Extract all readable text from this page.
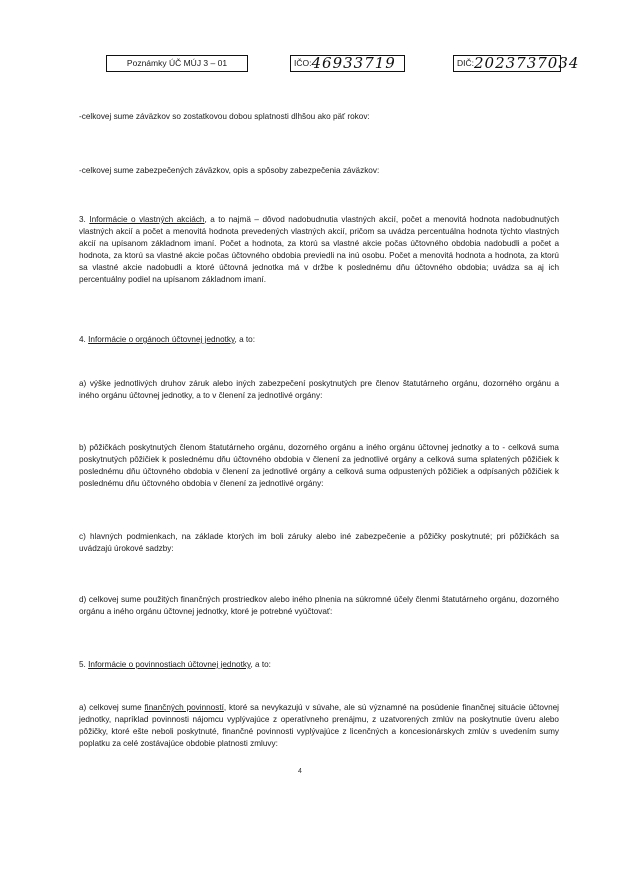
Poznámky ÚČ MÚJ 3 – 01	IČO:46933719	DIČ:2023737034

-celkovej sume záväzkov so zostatkovou dobou splatnosti dlhšou ako päť rokov:

-celkovej sume zabezpečených záväzkov, opis a spôsoby zabezpečenia záväzkov:

3. Informácie o vlastných akciách, a to najmä – dôvod nadobudnutia vlastných akcií, počet a menovitá hodnota nadobudnutých vlastných akcií a počet a menovitá hodnota prevedených vlastných akcií, pričom sa uvádza percentuálna hodnota týchto vlastných akcií na upísanom základnom imaní. Počet a hodnota, za ktorú sa vlastné akcie počas účtovného obdobia nadobudli a počet a hodnota, za ktorú sa vlastné akcie počas účtovného obdobia previedli na inú osobu. Počet a menovitá hodnota a hodnota, za ktorú sa vlastné akcie nadobudli a ktoré účtovná jednotka má v držbe k poslednému dňu účtovného obdobia; uvádza sa aj ich percentuálny podiel na upísanom základnom imaní.

4. Informácie o orgánoch účtovnej jednotky, a to:

a) výške jednotlivých druhov záruk alebo iných zabezpečení poskytnutých pre členov štatutárneho orgánu, dozorného orgánu a iného orgánu účtovnej jednotky, a to v členení za jednotlivé orgány:

b) pôžičkách poskytnutých členom štatutárneho orgánu, dozorného orgánu a iného orgánu účtovnej jednotky a to - celková suma poskytnutých pôžičiek k poslednému dňu účtovného obdobia v členení za jednotlivé orgány a celková suma splatených pôžičiek k poslednému dňu účtovného obdobia v členení za jednotlivé orgány a celková suma odpustených pôžičiek a odpísaných pôžičiek k poslednému dňu účtovného obdobia v členení za jednotlivé orgány:

c) hlavných podmienkach, na základe ktorých im boli záruky alebo iné zabezpečenie a pôžičky poskytnuté; pri pôžičkách sa uvádzajú úrokové sadzby:

d) celkovej sume použitých finančných prostriedkov alebo iného plnenia na súkromné účely členmi štatutárneho orgánu, dozorného orgánu a iného orgánu účtovnej jednotky, ktoré je potrebné vyúčtovať:

5. Informácie o povinnostiach účtovnej jednotky, a to:

a) celkovej sume finančných povinností, ktoré sa nevykazujú v súvahe, ale sú významné na posúdenie finančnej situácie účtovnej jednotky, napríklad povinnosti nájomcu vyplývajúce z operatívneho prenájmu, z uzatvorených zmlúv na poskytnutie úveru alebo pôžičky, ktoré ešte neboli poskytnuté, finančné povinnosti vyplývajúce z licenčných a koncesionárskych zmlúv s uvedením sumy poplatku za celé zostávajúce obdobie platnosti zmluvy:

4
